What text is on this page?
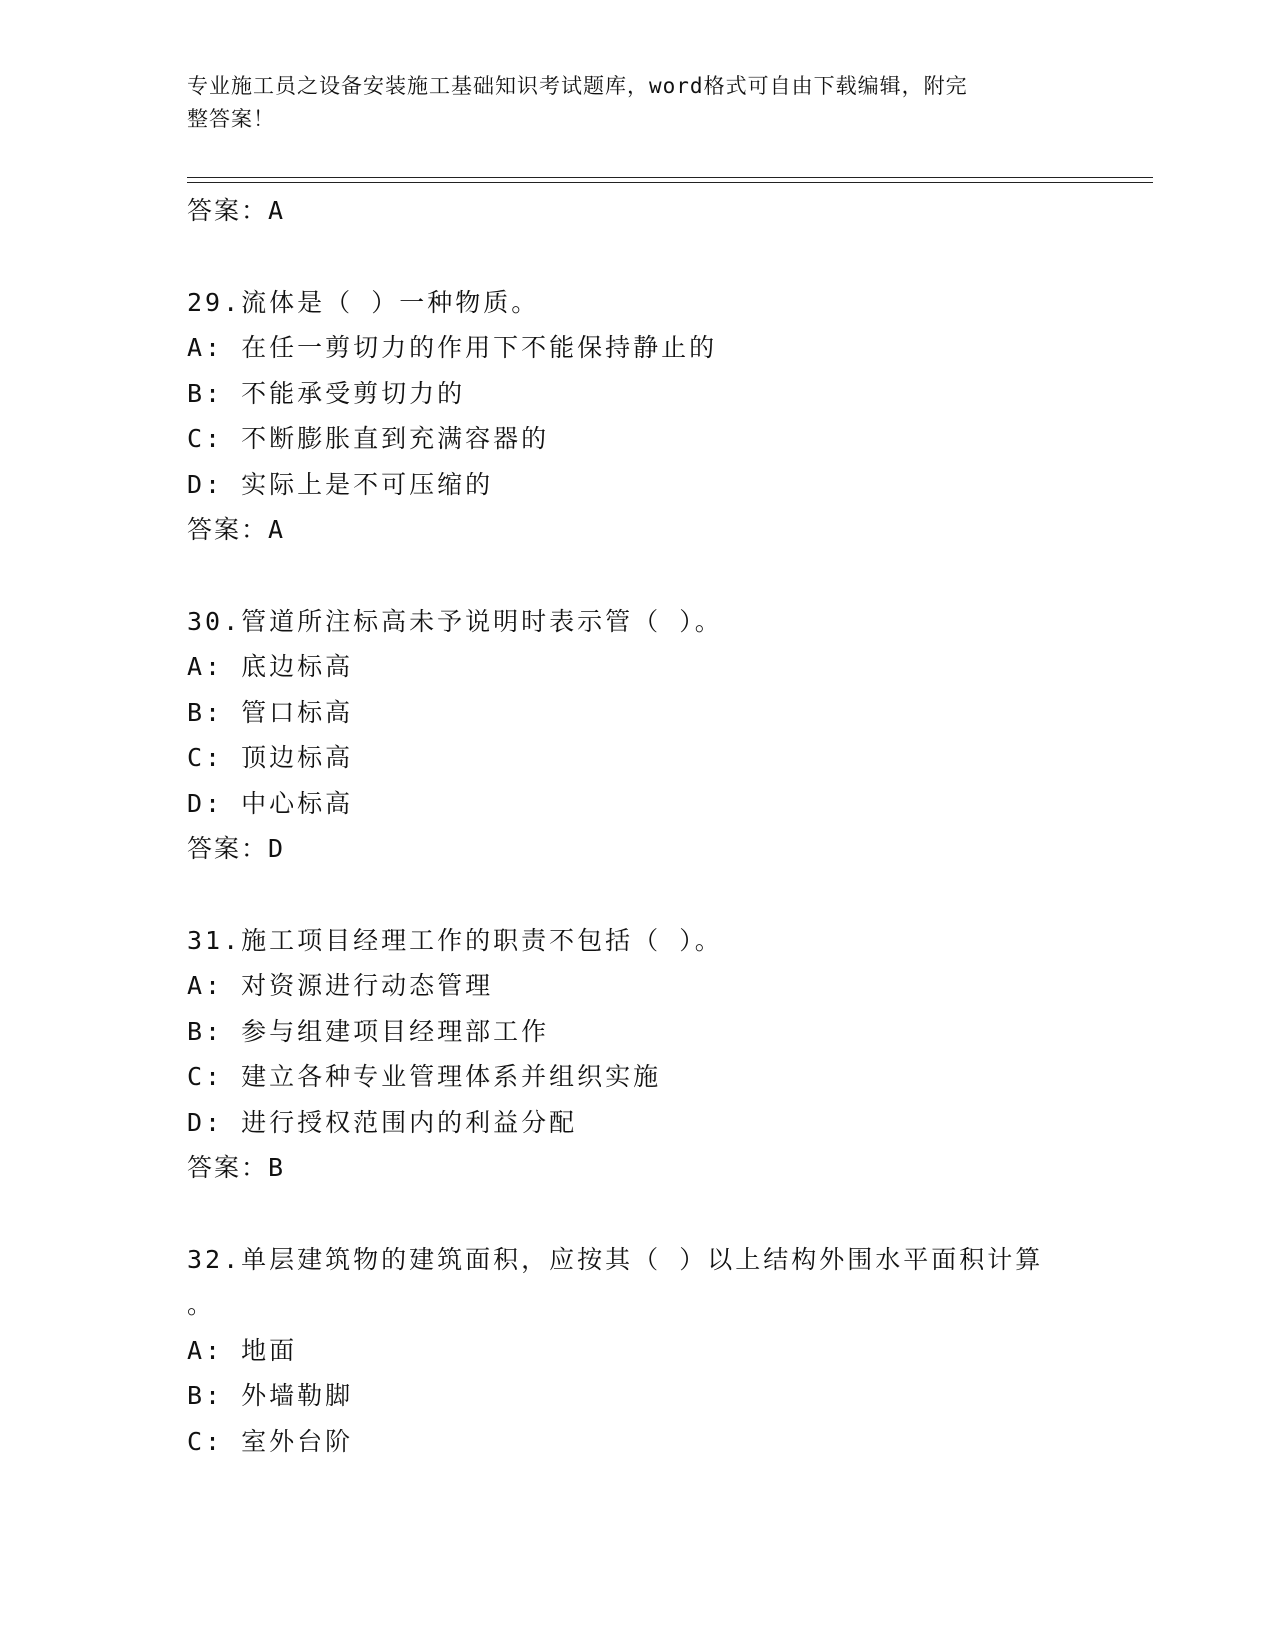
专业施工员之设备安装施工基础知识考试题库，word格式可自由下载编辑，附完
整答案！
答案：A
29.流体是（ ）一种物质。
A: 在任一剪切力的作用下不能保持静止的
B: 不能承受剪切力的
C: 不断膨胀直到充满容器的
D: 实际上是不可压缩的
答案：A
30.管道所注标高未予说明时表示管（ ）。
A: 底边标高
B: 管口标高
C: 顶边标高
D: 中心标高
答案：D
31.施工项目经理工作的职责不包括（ ）。
A: 对资源进行动态管理
B: 参与组建项目经理部工作
C: 建立各种专业管理体系并组织实施
D: 进行授权范围内的利益分配
答案：B
32.单层建筑物的建筑面积，应按其（ ）以上结构外围水平面积计算
。
A: 地面
B: 外墙勒脚
C: 室外台阶
